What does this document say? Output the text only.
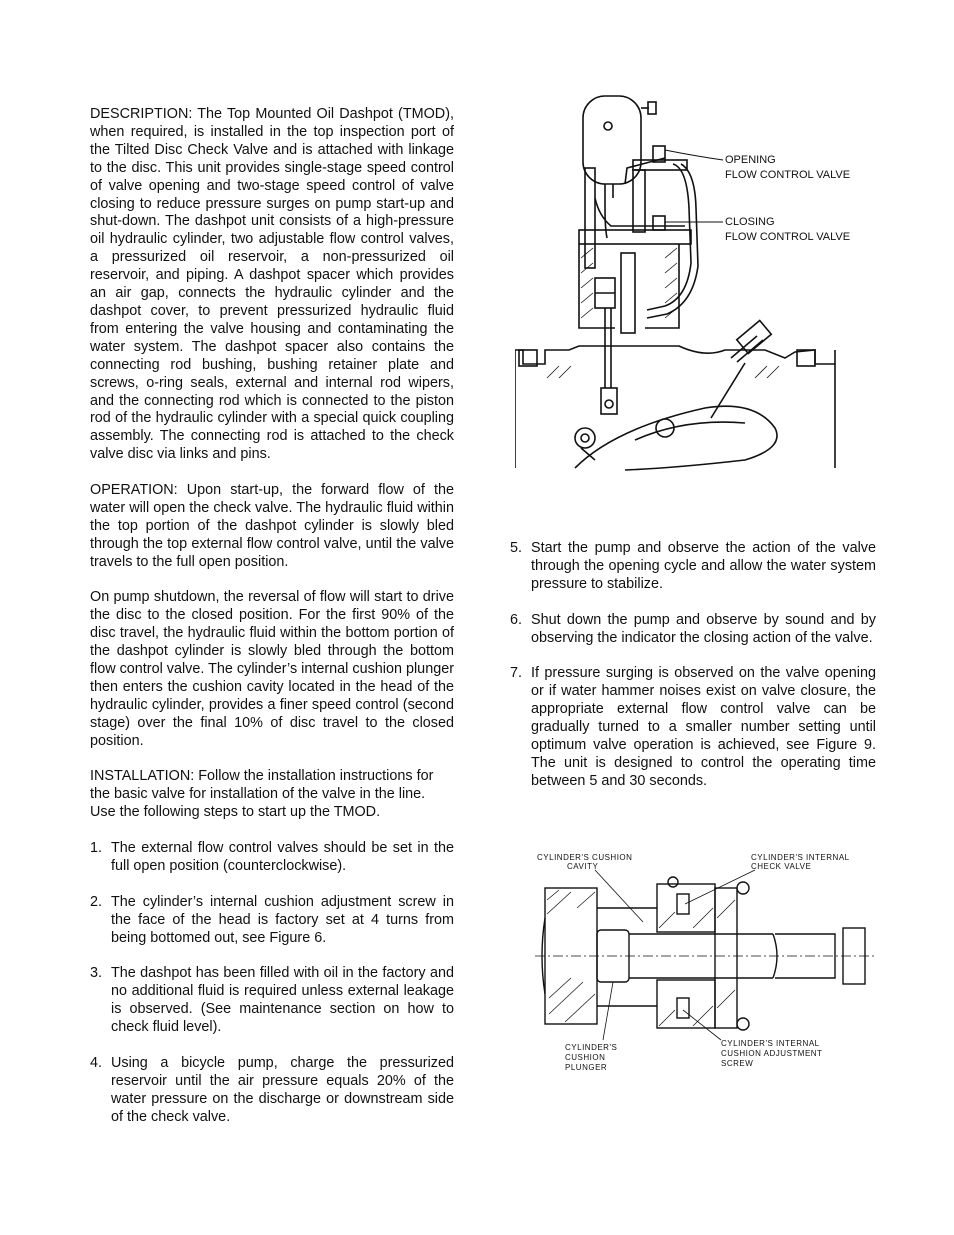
DESCRIPTION: The Top Mounted Oil Dashpot (TMOD), when required, is installed in the top inspection port of the Tilted Disc Check Valve and is attached with linkage to the disc. This unit provides single-stage speed control of valve opening and two-stage speed control of valve closing to reduce pressure surges on pump start-up and shut-down. The dashpot unit consists of a high-pressure oil hydraulic cylinder, two adjustable flow control valves, a pressurized oil reservoir, a non-pressurized oil reservoir, and piping. A dashpot spacer which provides an air gap, connects the hydraulic cylinder and the dashpot cover, to prevent pressurized hydraulic fluid from entering the valve housing and contaminating the water system. The dashpot spacer also contains the connecting rod bushing, bushing retainer plate and screws, o-ring seals, external and internal rod wipers, and the connecting rod which is connected to the piston rod of the hydraulic cylinder with a special quick coupling assembly. The connecting rod is attached to the check valve disc via links and pins.

OPERATION: Upon start-up, the forward flow of the water will open the check valve. The hydraulic fluid within the top portion of the dashpot cylinder is slowly bled through the top external flow control valve, until the valve travels to the full open position.

On pump shutdown, the reversal of flow will start to drive the disc to the closed position. For the first 90% of the disc travel, the hydraulic fluid within the bottom portion of the dashpot cylinder is slowly bled through the bottom flow control valve. The cylinder’s internal cushion plunger then enters the cushion cavity located in the head of the hydraulic cylinder, provides a finer speed control (second stage) over the final 10% of disc travel to the closed position.

INSTALLATION: Follow the installation instructions for the basic valve for installation of the valve in the line. Use the following steps to start up the TMOD.

1. The external flow control valves should be set in the full open position (counterclockwise).
2. The cylinder’s internal cushion adjustment screw in the face of the head is factory set at 4 turns from being bottomed out, see Figure 6.
3. The dashpot has been filled with oil in the factory and no additional fluid is required unless external leakage is observed. (See maintenance section on how to check fluid level).
4. Using a bicycle pump, charge the pressurized reservoir until the air pressure equals 20% of the water pressure on the discharge or downstream side of the check valve.
5. Start the pump and observe the action of the valve through the opening cycle and allow the water system pressure to stabilize.
6. Shut down the pump and observe by sound and by observing the indicator the closing action of the valve.
7. If pressure surging is observed on the valve opening or if water hammer noises exist on valve closure, the appropriate external flow control valve can be gradually turned to a smaller number setting until optimum valve operation is achieved, see Figure 9. The unit is designed to control the operating time between 5 and 30 seconds.
OPENING
FLOW CONTROL VALVE
CLOSING
FLOW CONTROL VALVE
CYLINDER'S CUSHION
CAVITY
CYLINDER'S INTERNAL
CHECK VALVE
CYLINDER'S
CUSHION
PLUNGER
CYLINDER'S INTERNAL
CUSHION ADJUSTMENT
SCREW
